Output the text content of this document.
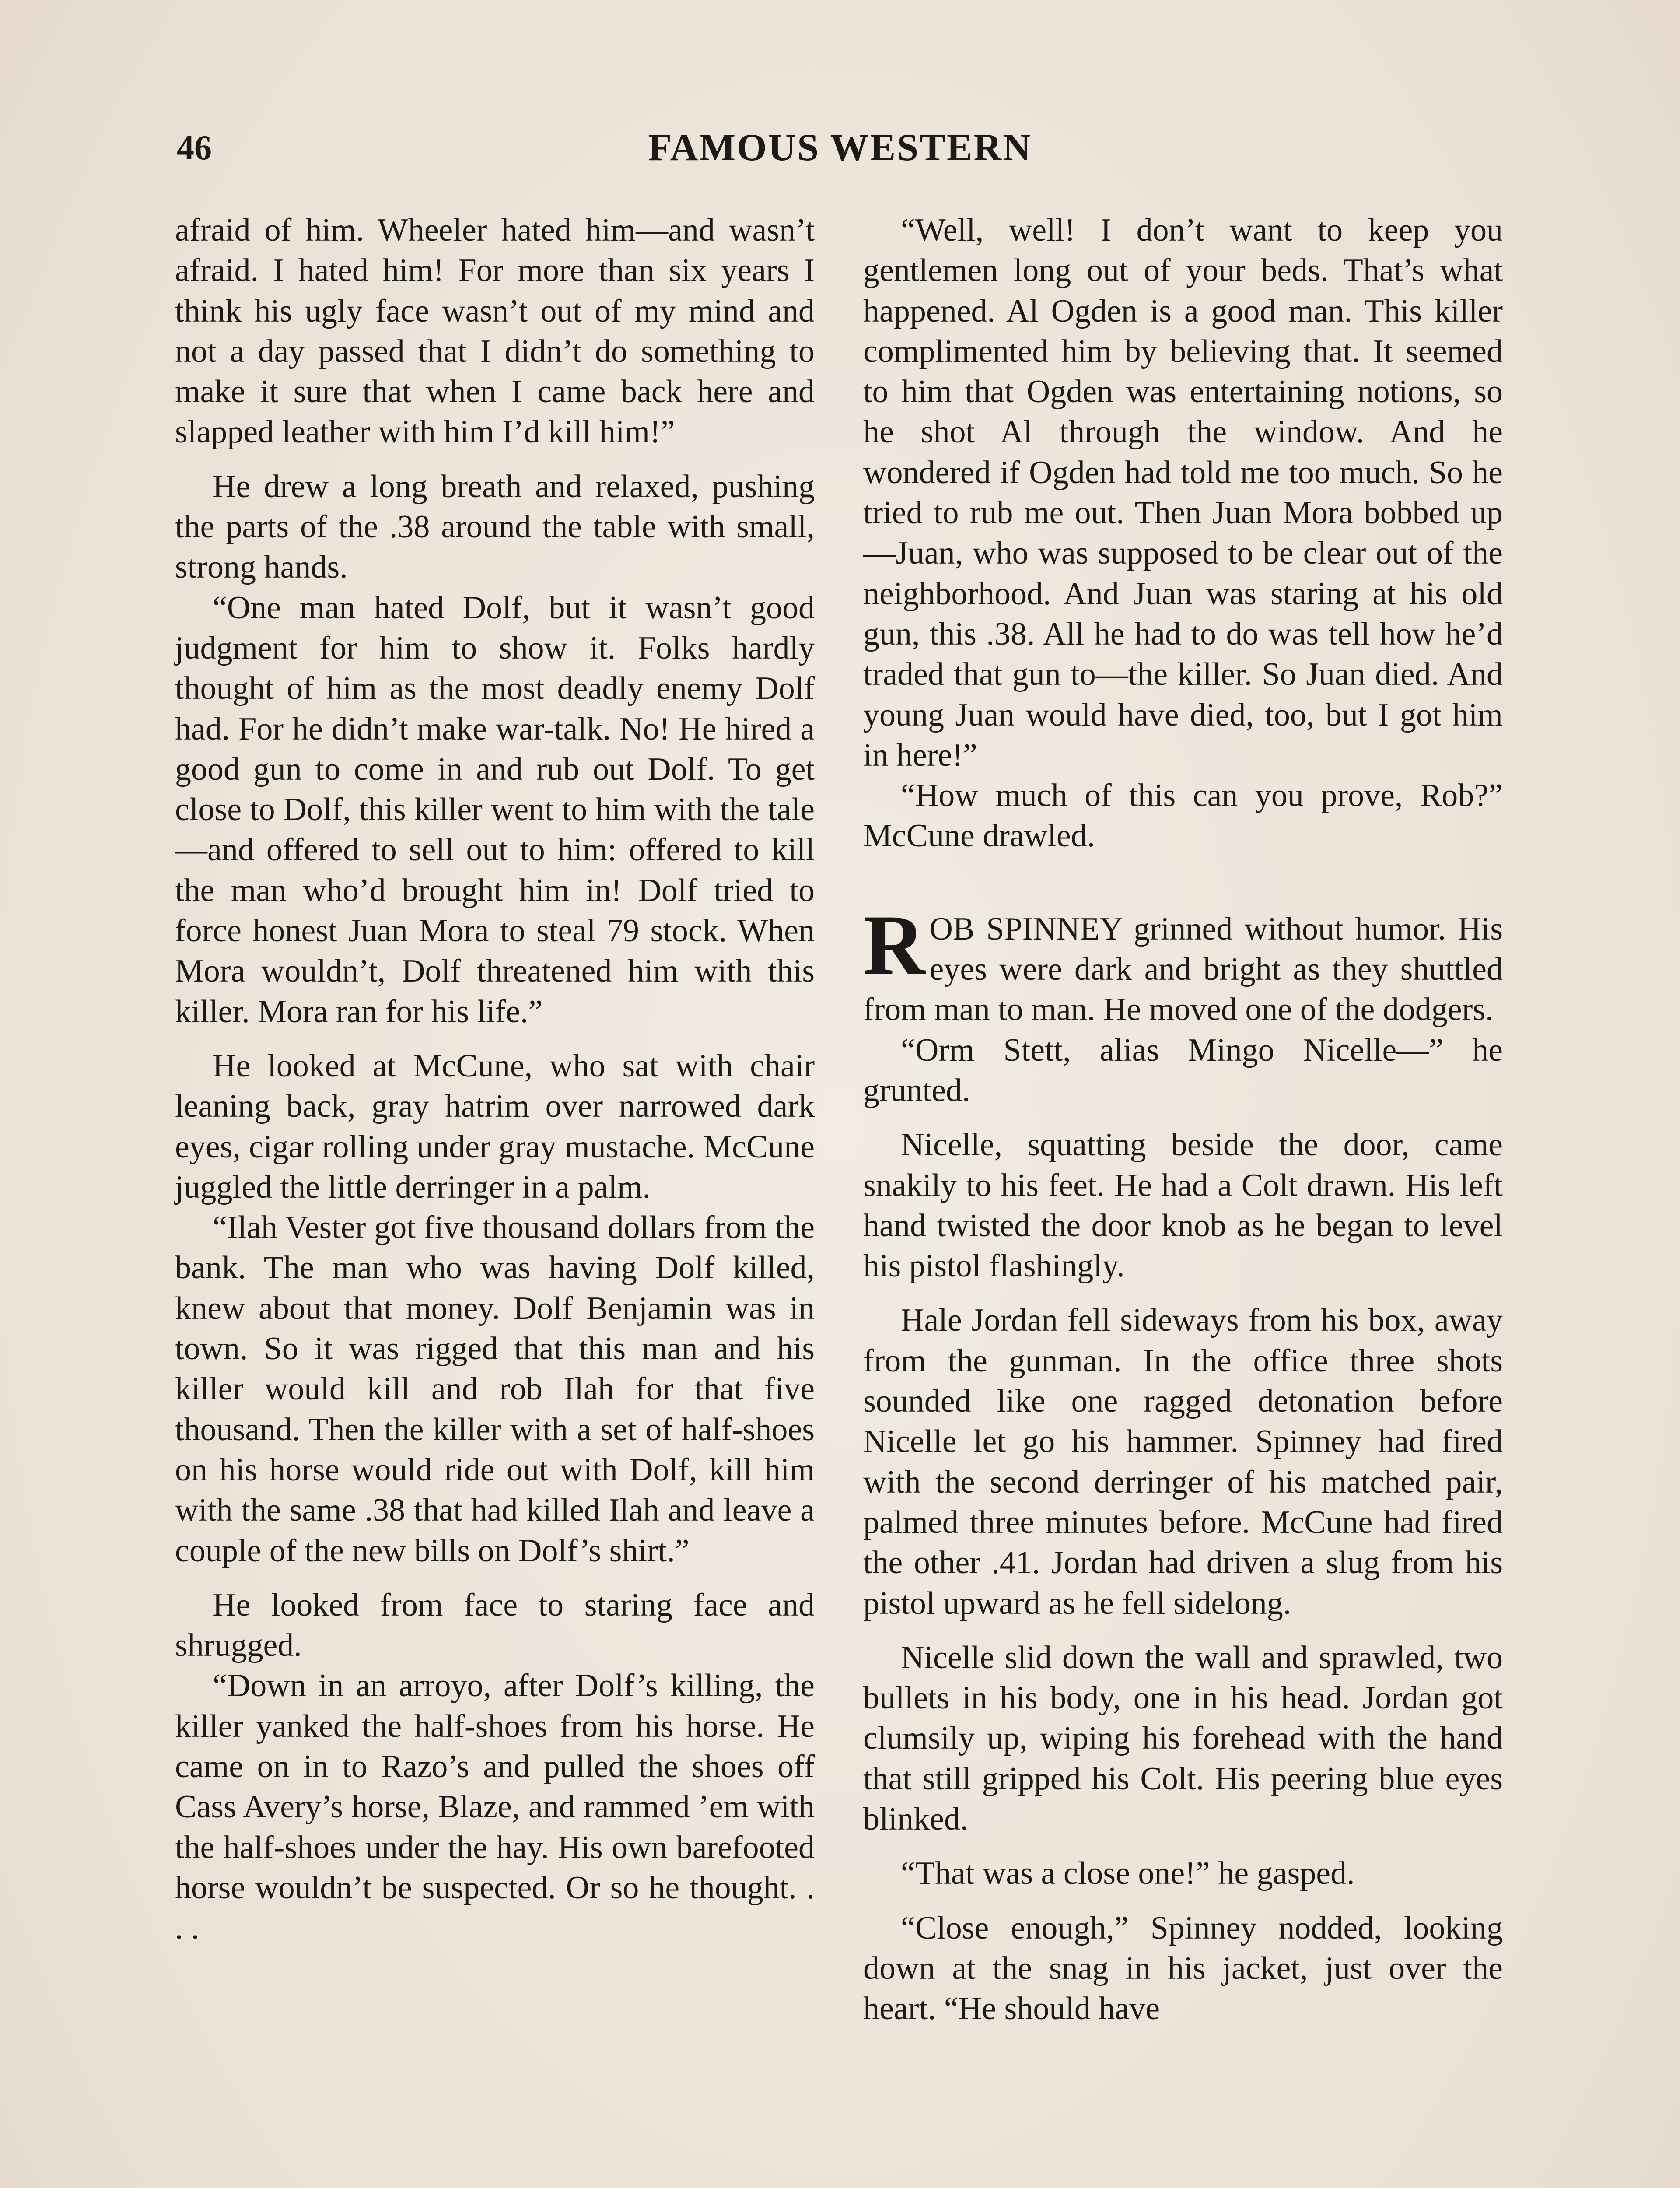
46	FAMOUS WESTERN

afraid of him. Wheeler hated him—and wasn’t afraid. I hated him! For more than six years I think his ugly face wasn’t out of my mind and not a day passed that I didn’t do something to make it sure that when I came back here and slapped leather with him I’d kill him!”

He drew a long breath and relaxed, pushing the parts of the .38 around the table with small, strong hands.

“One man hated Dolf, but it wasn’t good judgment for him to show it. Folks hardly thought of him as the most deadly enemy Dolf had. For he didn’t make war-talk. No! He hired a good gun to come in and rub out Dolf. To get close to Dolf, this killer went to him with the tale—and offered to sell out to him: offered to kill the man who’d brought him in! Dolf tried to force honest Juan Mora to steal 79 stock. When Mora wouldn’t, Dolf threatened him with this killer. Mora ran for his life.”

He looked at McCune, who sat with chair leaning back, gray hatrim over narrowed dark eyes, cigar rolling under gray mustache. McCune juggled the little derringer in a palm.

“Ilah Vester got five thousand dollars from the bank. The man who was having Dolf killed, knew about that money. Dolf Benjamin was in town. So it was rigged that this man and his killer would kill and rob Ilah for that five thousand. Then the killer with a set of half-shoes on his horse would ride out with Dolf, kill him with the same .38 that had killed Ilah and leave a couple of the new bills on Dolf’s shirt.”

He looked from face to staring face and shrugged.

“Down in an arroyo, after Dolf’s killing, the killer yanked the half-shoes from his horse. He came on in to Razo’s and pulled the shoes off Cass Avery’s horse, Blaze, and rammed ’em with the half-shoes under the hay. His own barefooted horse wouldn’t be suspected. Or so he thought. . . .

“Well, well! I don’t want to keep you gentlemen long out of your beds. That’s what happened. Al Ogden is a good man. This killer complimented him by believing that. It seemed to him that Ogden was entertaining notions, so he shot Al through the window. And he wondered if Ogden had told me too much. So he tried to rub me out. Then Juan Mora bobbed up—Juan, who was supposed to be clear out of the neighborhood. And Juan was staring at his old gun, this .38. All he had to do was tell how he’d traded that gun to—the killer. So Juan died. And young Juan would have died, too, but I got him in here!”

“How much of this can you prove, Rob?” McCune drawled.

ROB SPINNEY grinned without humor. His eyes were dark and bright as they shuttled from man to man. He moved one of the dodgers.

“Orm Stett, alias Mingo Nicelle—” he grunted.

Nicelle, squatting beside the door, came snakily to his feet. He had a Colt drawn. His left hand twisted the door knob as he began to level his pistol flashingly.

Hale Jordan fell sideways from his box, away from the gunman. In the office three shots sounded like one ragged detonation before Nicelle let go his hammer. Spinney had fired with the second derringer of his matched pair, palmed three minutes before. McCune had fired the other .41. Jordan had driven a slug from his pistol upward as he fell sidelong.

Nicelle slid down the wall and sprawled, two bullets in his body, one in his head. Jordan got clumsily up, wiping his forehead with the hand that still gripped his Colt. His peering blue eyes blinked.

“That was a close one!” he gasped.

“Close enough,” Spinney nodded, looking down at the snag in his jacket, just over the heart. “He should have
